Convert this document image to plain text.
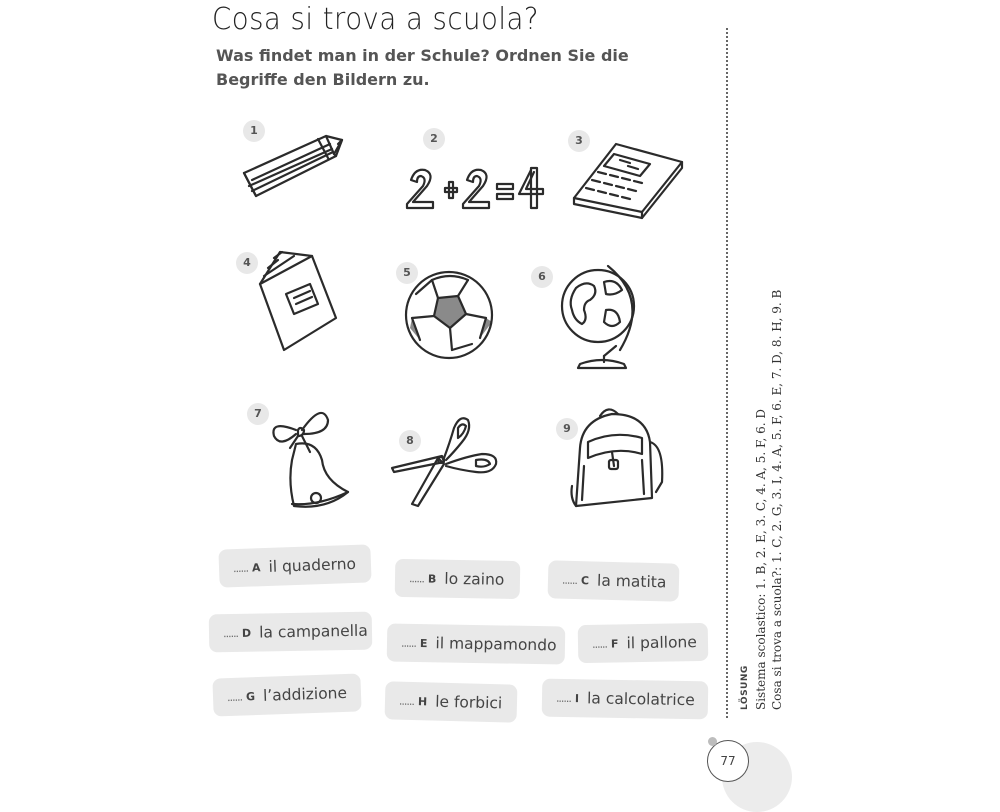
Cosa si trova a scuola?
Was findet man in der Schule? Ordnen Sie die Begriffe den Bildern zu.
1
2	3
4
5	6
7
8
9
...... A il quaderno
...... B lo zaino	...... C la matita
...... D la campanella
...... E il mappamondo	...... F il pallone
...... G l’addizione	...... H le forbici	...... I la calcolatrice	LÖSUNG Sistema scolastico: 1. B, 2. E, 3. C, 4. A, 5. F, 6. D Cosa si trova a scuola?: 1. C, 2. G, 3. I, 4. A, 5. F, 6. E, 7. D, 8. H, 9. B
77
